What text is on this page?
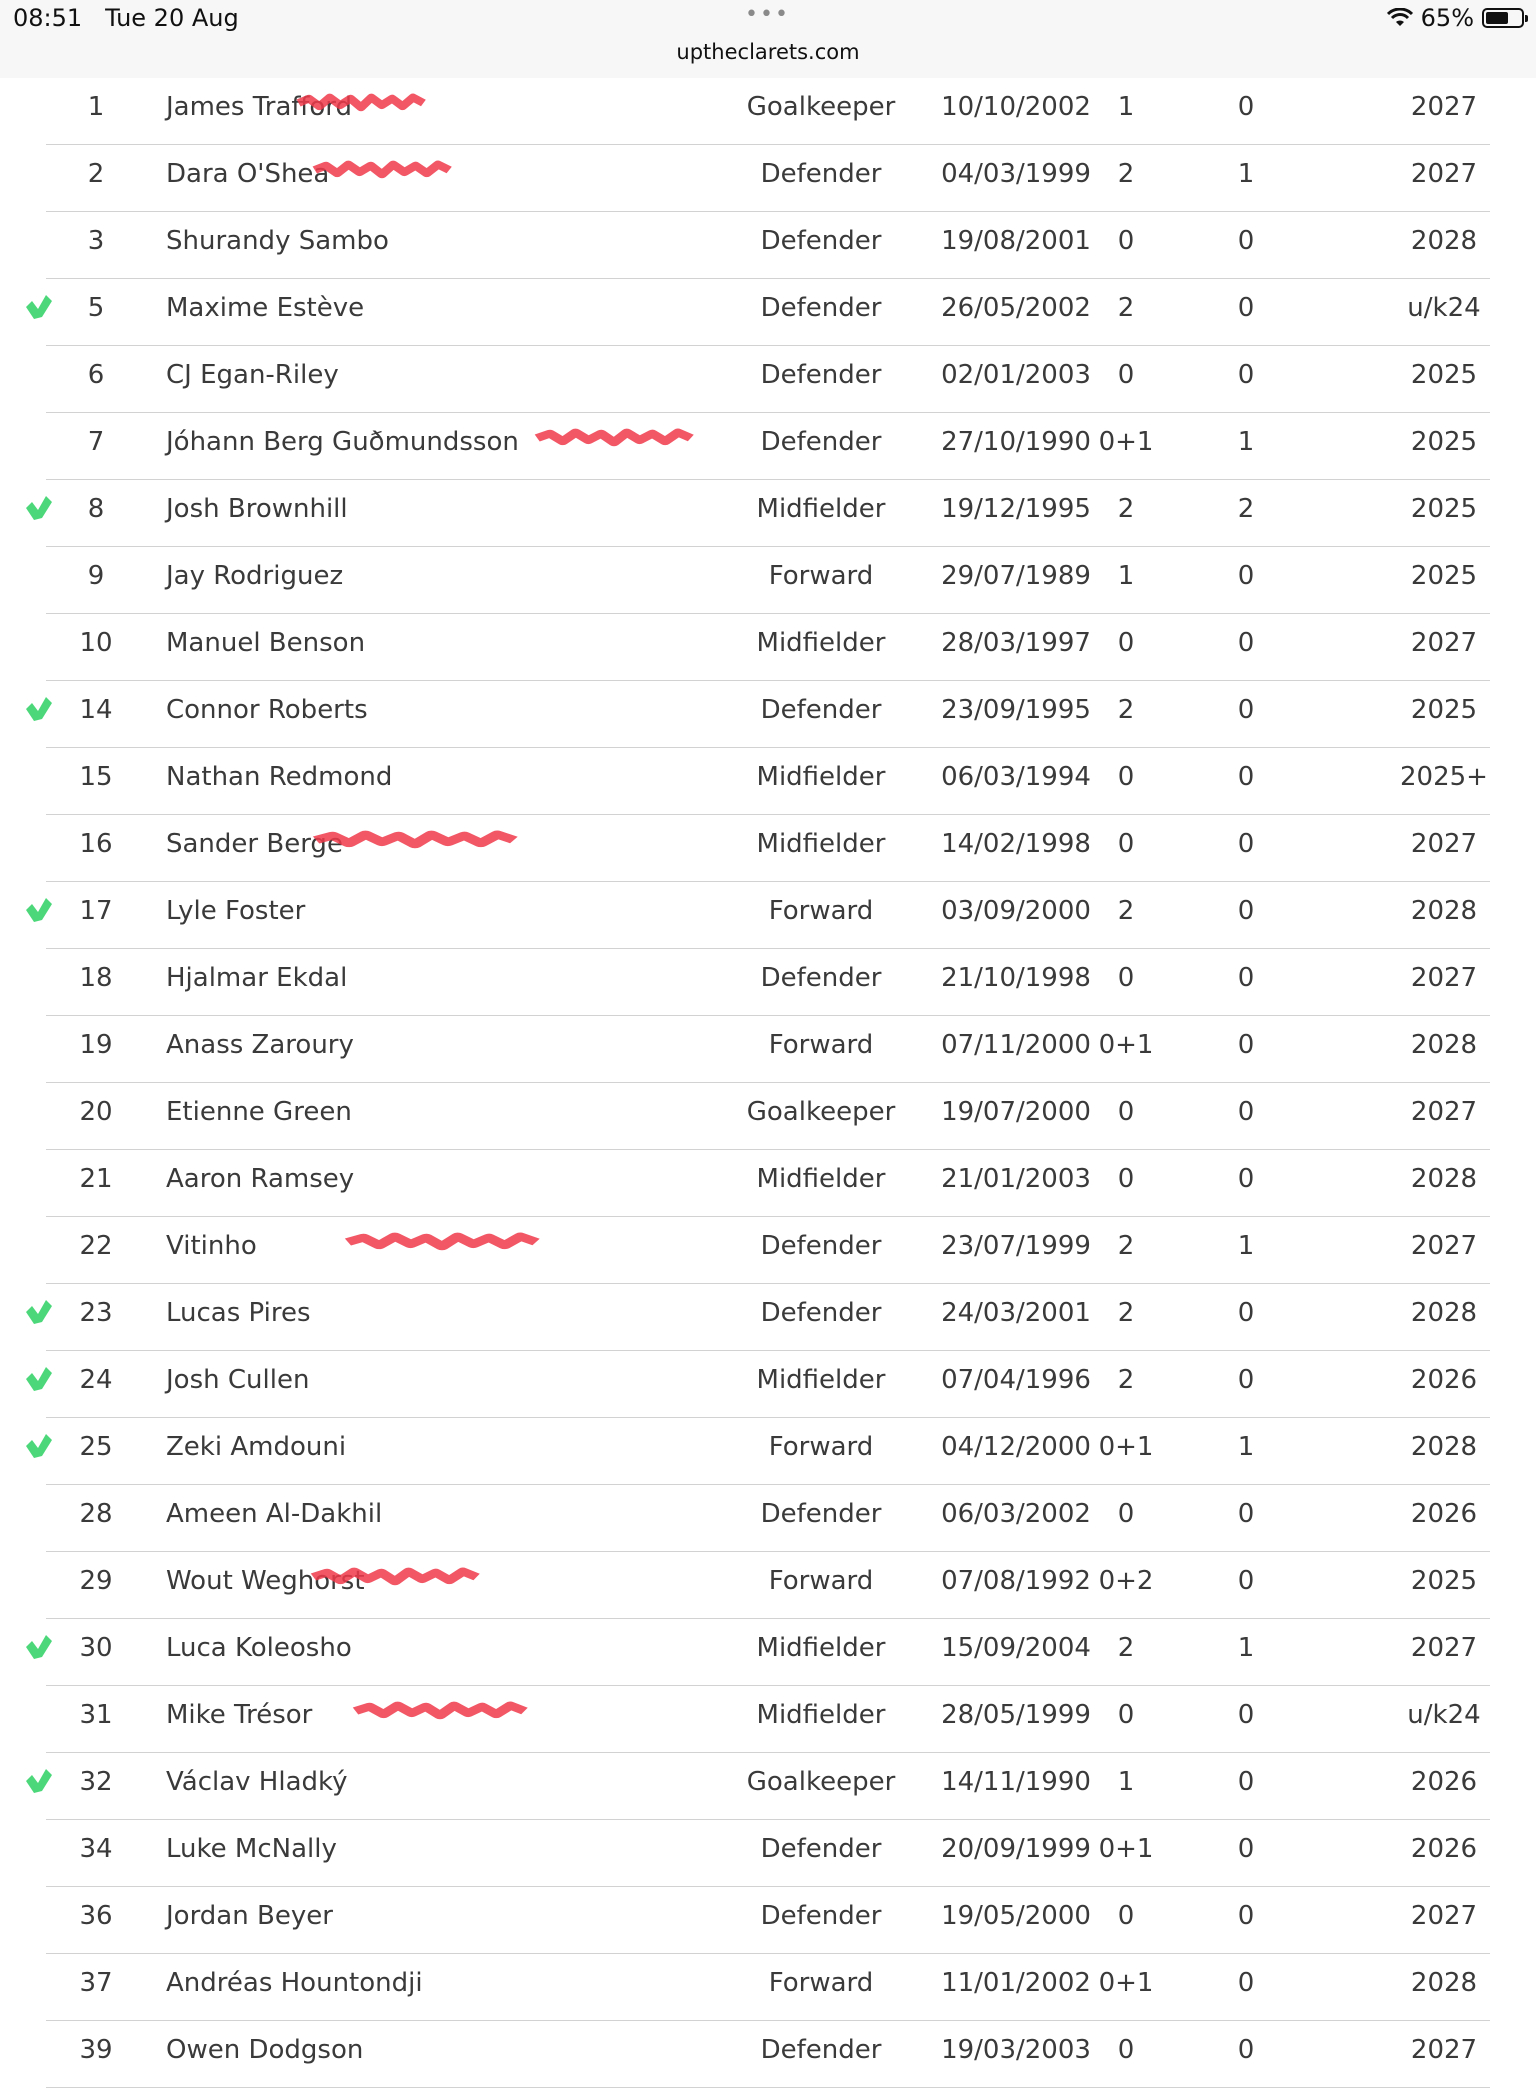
08:51 Tue 20 Aug	•••
uptheclarets.com
65%
1	James Trafford	Goalkeeper	10/10/2002	1	0	2027
2	Dara O'Shea	Defender	04/03/1999	2	1	2027
3	Shurandy Sambo	Defender	19/08/2001	0	0	2028
5	Maxime Estève	Defender	26/05/2002	2	0	u/k24
6	CJ Egan-Riley	Defender	02/01/2003	0	0	2025
7	Jóhann Berg Guðmundsson	Defender	27/10/1990 0+1	1	2025
8	Josh Brownhill	Midfielder	19/12/1995	2	2	2025
9	Jay Rodriguez	Forward	29/07/1989	1	0	2025
10	Manuel Benson	Midfielder	28/03/1997	0	0	2027
14	Connor Roberts	Defender	23/09/1995	2	0	2025
15	Nathan Redmond	Midfielder	06/03/1994	0	0	2025+
16	Sander Berge	Midfielder	14/02/1998	0	0	2027
17	Lyle Foster	Forward	03/09/2000	2	0	2028
18	Hjalmar Ekdal	Defender	21/10/1998	0	0	2027
19	Anass Zaroury	Forward	07/11/2000 0+1	0	2028
20	Etienne Green	Goalkeeper	19/07/2000	0	0	2027
21	Aaron Ramsey	Midfielder	21/01/2003	0	0	2028
22	Vitinho	Defender	23/07/1999	2	1	2027
23	Lucas Pires	Defender	24/03/2001	2	0	2028
24	Josh Cullen	Midfielder	07/04/1996	2	0	2026
25	Zeki Amdouni	Forward	04/12/2000 0+1	1	2028
28	Ameen Al-Dakhil	Defender	06/03/2002	0	0	2026
29	Wout Weghorst	Forward	07/08/1992 0+2	0	2025
30	Luca Koleosho	Midfielder	15/09/2004	2	1	2027
31	Mike Trésor	Midfielder	28/05/1999	0	0	u/k24
32	Václav Hladký	Goalkeeper	14/11/1990	1	0	2026
34	Luke McNally	Defender	20/09/1999 0+1	0	2026
36	Jordan Beyer	Defender	19/05/2000	0	0	2027
37	Andréas Hountondji	Forward	11/01/2002 0+1	0	2028
39	Owen Dodgson	Defender	19/03/2003	0	0	2027
